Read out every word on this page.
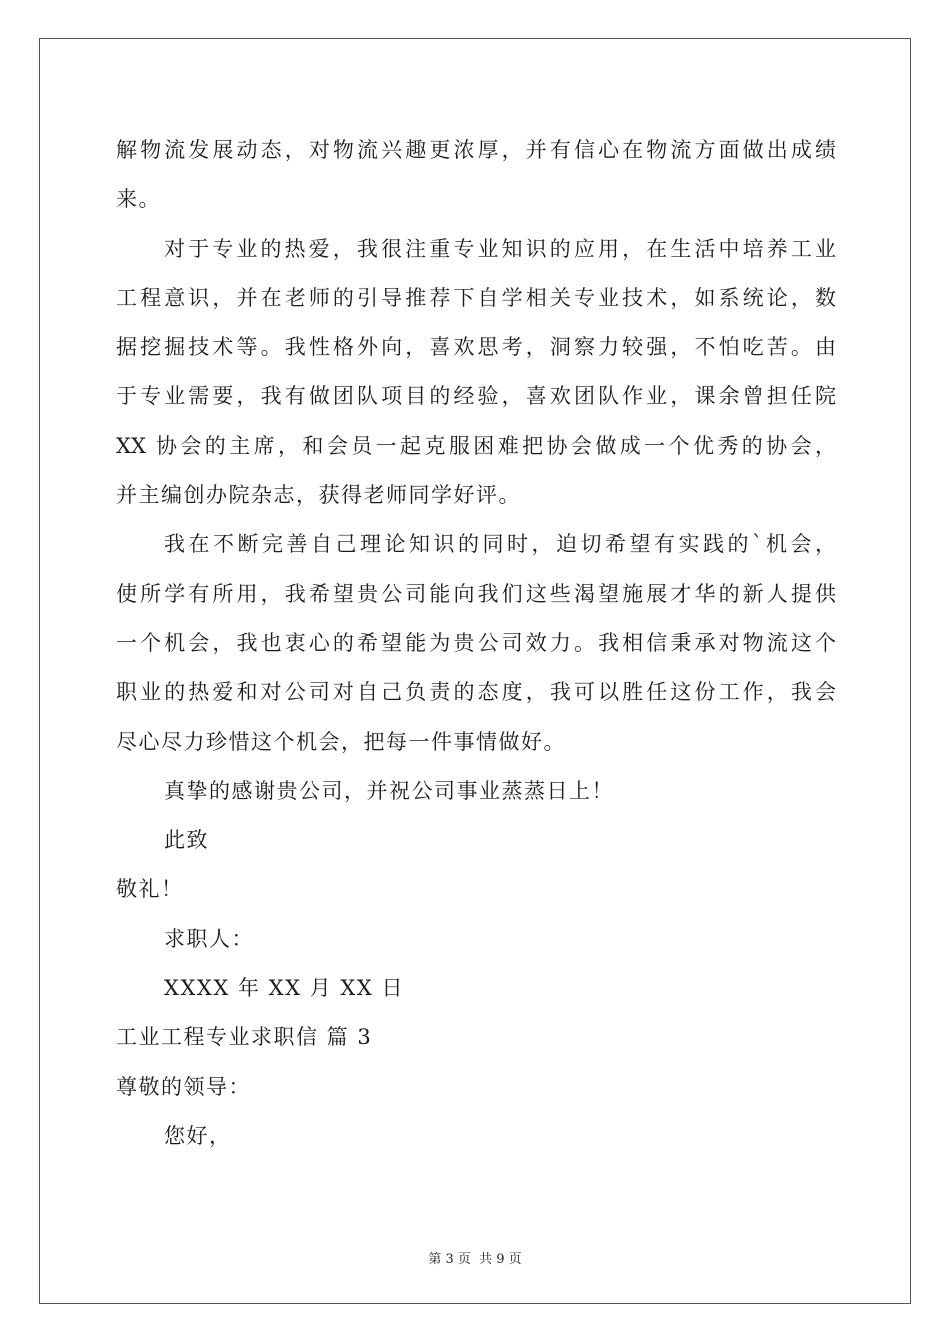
解物流发展动态，对物流兴趣更浓厚，并有信心在物流方面做出成绩
来。
对于专业的热爱，我很注重专业知识的应用，在生活中培养工业
工程意识，并在老师的引导推荐下自学相关专业技术，如系统论，数
据挖掘技术等。我性格外向，喜欢思考，洞察力较强，不怕吃苦。由
于专业需要，我有做团队项目的经验，喜欢团队作业，课余曾担任院
XX 协会的主席，和会员一起克服困难把协会做成一个优秀的协会，
并主编创办院杂志，获得老师同学好评。
我在不断完善自己理论知识的同时，迫切希望有实践的`机会，
使所学有所用，我希望贵公司能向我们这些渴望施展才华的新人提供
一个机会，我也衷心的希望能为贵公司效力。我相信秉承对物流这个
职业的热爱和对公司对自己负责的态度，我可以胜任这份工作，我会
尽心尽力珍惜这个机会，把每一件事情做好。
真挚的感谢贵公司，并祝公司事业蒸蒸日上！
此致
敬礼！
求职人：
XXXX 年 XX 月 XX 日
工业工程专业求职信 篇 3
尊敬的领导：
您好，
第 3 页 共 9 页
